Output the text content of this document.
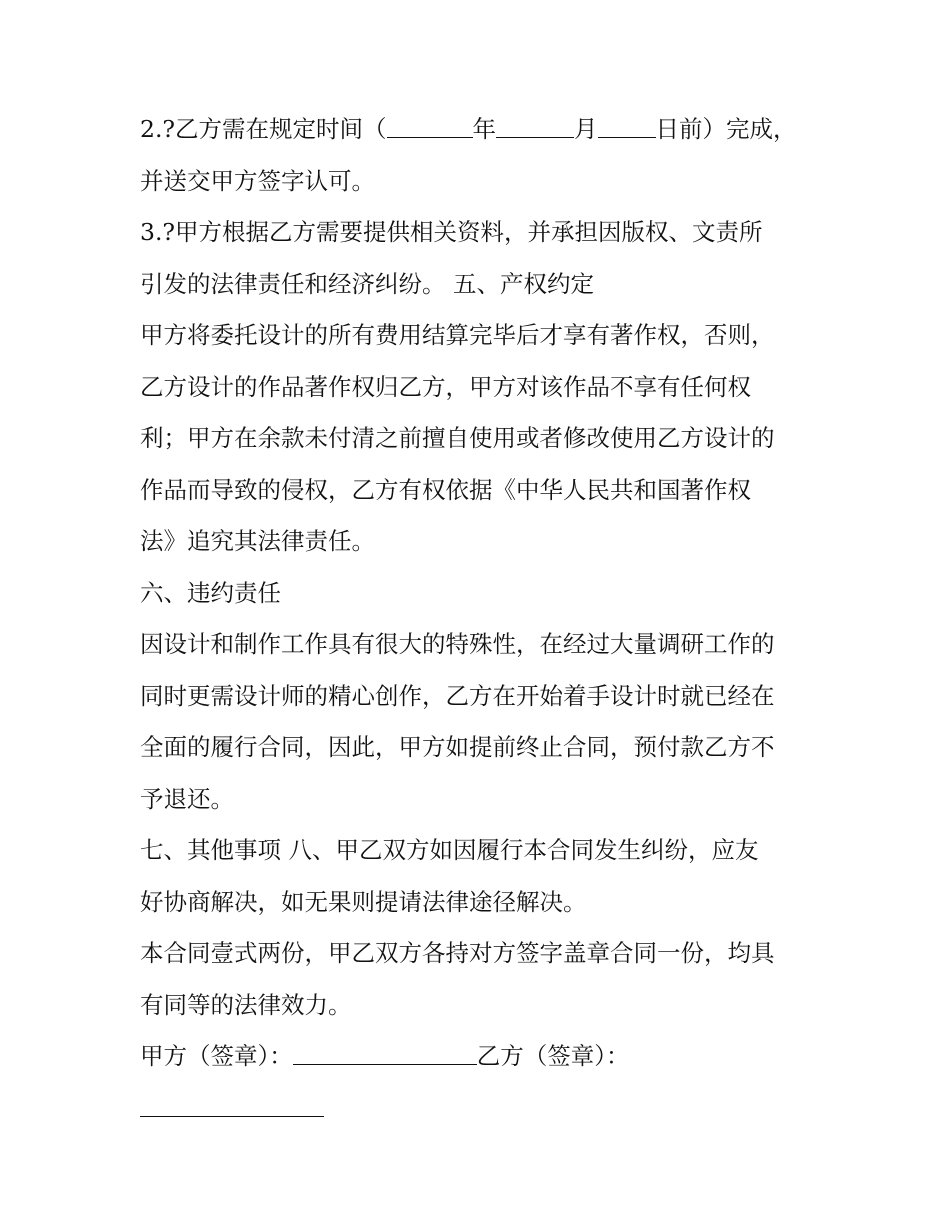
2.?乙方需在规定时间（	年	月 日前）完成，
并送交甲方签字认可。
3.?甲方根据乙方需要提供相关资料，并承担因版权、文责所
引发的法律责任和经济纠纷。 五、产权约定
甲方将委托设计的所有费用结算完毕后才享有著作权，否则，
乙方设计的作品著作权归乙方，甲方对该作品不享有任何权
利；甲方在余款未付清之前擅自使用或者修改使用乙方设计的
作品而导致的侵权，乙方有权依据《中华人民共和国著作权
法》追究其法律责任。
六、违约责任
因设计和制作工作具有很大的特殊性，在经过大量调研工作的
同时更需设计师的精心创作，乙方在开始着手设计时就已经在
全面的履行合同，因此，甲方如提前终止合同，预付款乙方不
予退还。
七、其他事项 八、甲乙双方如因履行本合同发生纠纷，应友
好协商解决，如无果则提请法律途径解决。
本合同壹式两份，甲乙双方各持对方签字盖章合同一份，均具
有同等的法律效力。
甲方（签章）：	乙方（签章）：
